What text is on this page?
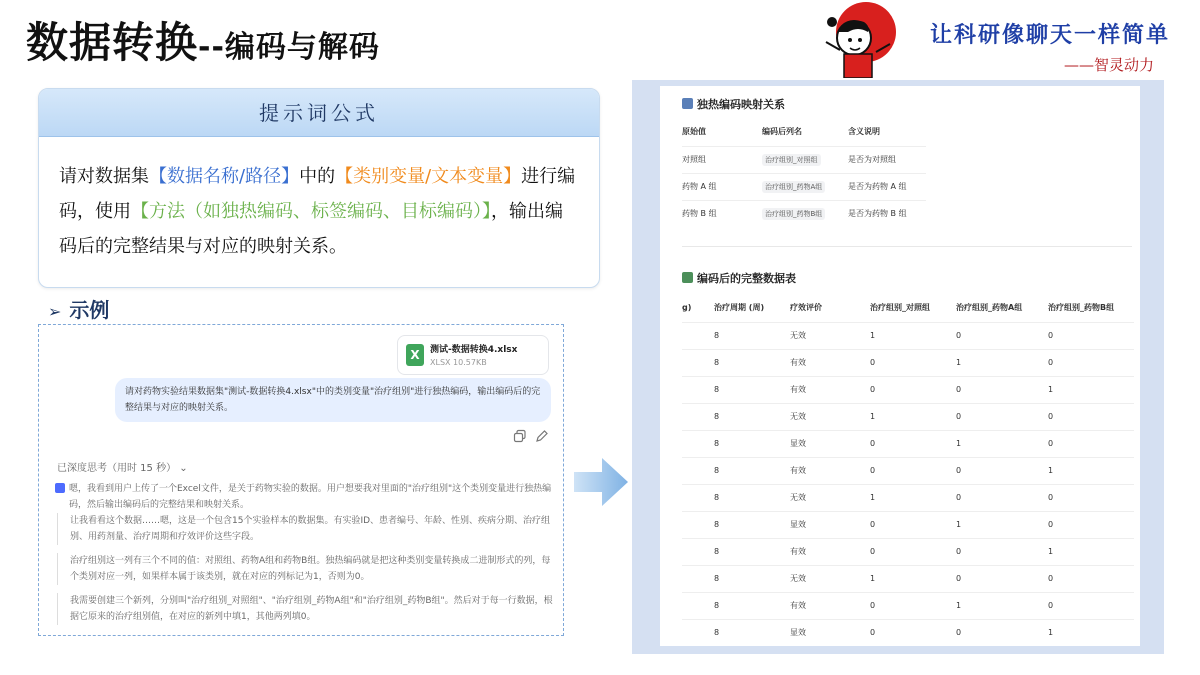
数据转换--编码与解码	让科研像聊天一样简单
——智灵动力
提示词公式
请对数据集【数据名称/路径】中的【类别变量/文本变量】进行编码，使用【方法（如独热编码、标签编码、目标编码）】，输出编码后的完整结果与对应的映射关系。
➢ 示例
X	测试-数据转换4.xlsx
XLSX 10.57KB
请对药物实验结果数据集"测试-数据转换4.xlsx"中的类别变量"治疗组别"进行独热编码，输出编码后的完整结果与对应的映射关系。
已深度思考（用时 15 秒） ⌄
嗯，我看到用户上传了一个Excel文件，是关于药物实验的数据。用户想要我对里面的"治疗组别"这个类别变量进行独热编码，然后输出编码后的完整结果和映射关系。
让我看看这个数据……嗯，这是一个包含15个实验样本的数据集。有实验ID、患者编号、年龄、性别、疾病分期、治疗组别、用药剂量、治疗周期和疗效评价这些字段。
治疗组别这一列有三个不同的值：对照组、药物A组和药物B组。独热编码就是把这种类别变量转换成二进制形式的列，每个类别对应一列，如果样本属于该类别，就在对应的列标记为1，否则为0。
我需要创建三个新列，分别叫"治疗组别_对照组"、"治疗组别_药物A组"和"治疗组别_药物B组"。然后对于每一行数据，根据它原来的治疗组别值，在对应的新列中填1，其他两列填0。
独热编码映射关系
原始值	编码后列名	含义说明
对照组	治疗组别_对照组	是否为对照组
药物 A 组	治疗组别_药物A组	是否为药物 A 组
药物 B 组	治疗组别_药物B组	是否为药物 B 组
编码后的完整数据表
g)	治疗周期 (周)	疗效评价	治疗组别_对照组	治疗组别_药物A组	治疗组别_药物B组
	8	无效	1	0	0
	8	有效	0	1	0
	8	有效	0	0	1
	8	无效	1	0	0
	8	显效	0	1	0
	8	有效	0	0	1
	8	无效	1	0	0
	8	显效	0	1	0
	8	有效	0	0	1
	8	无效	1	0	0
	8	有效	0	1	0
	8	显效	0	0	1
